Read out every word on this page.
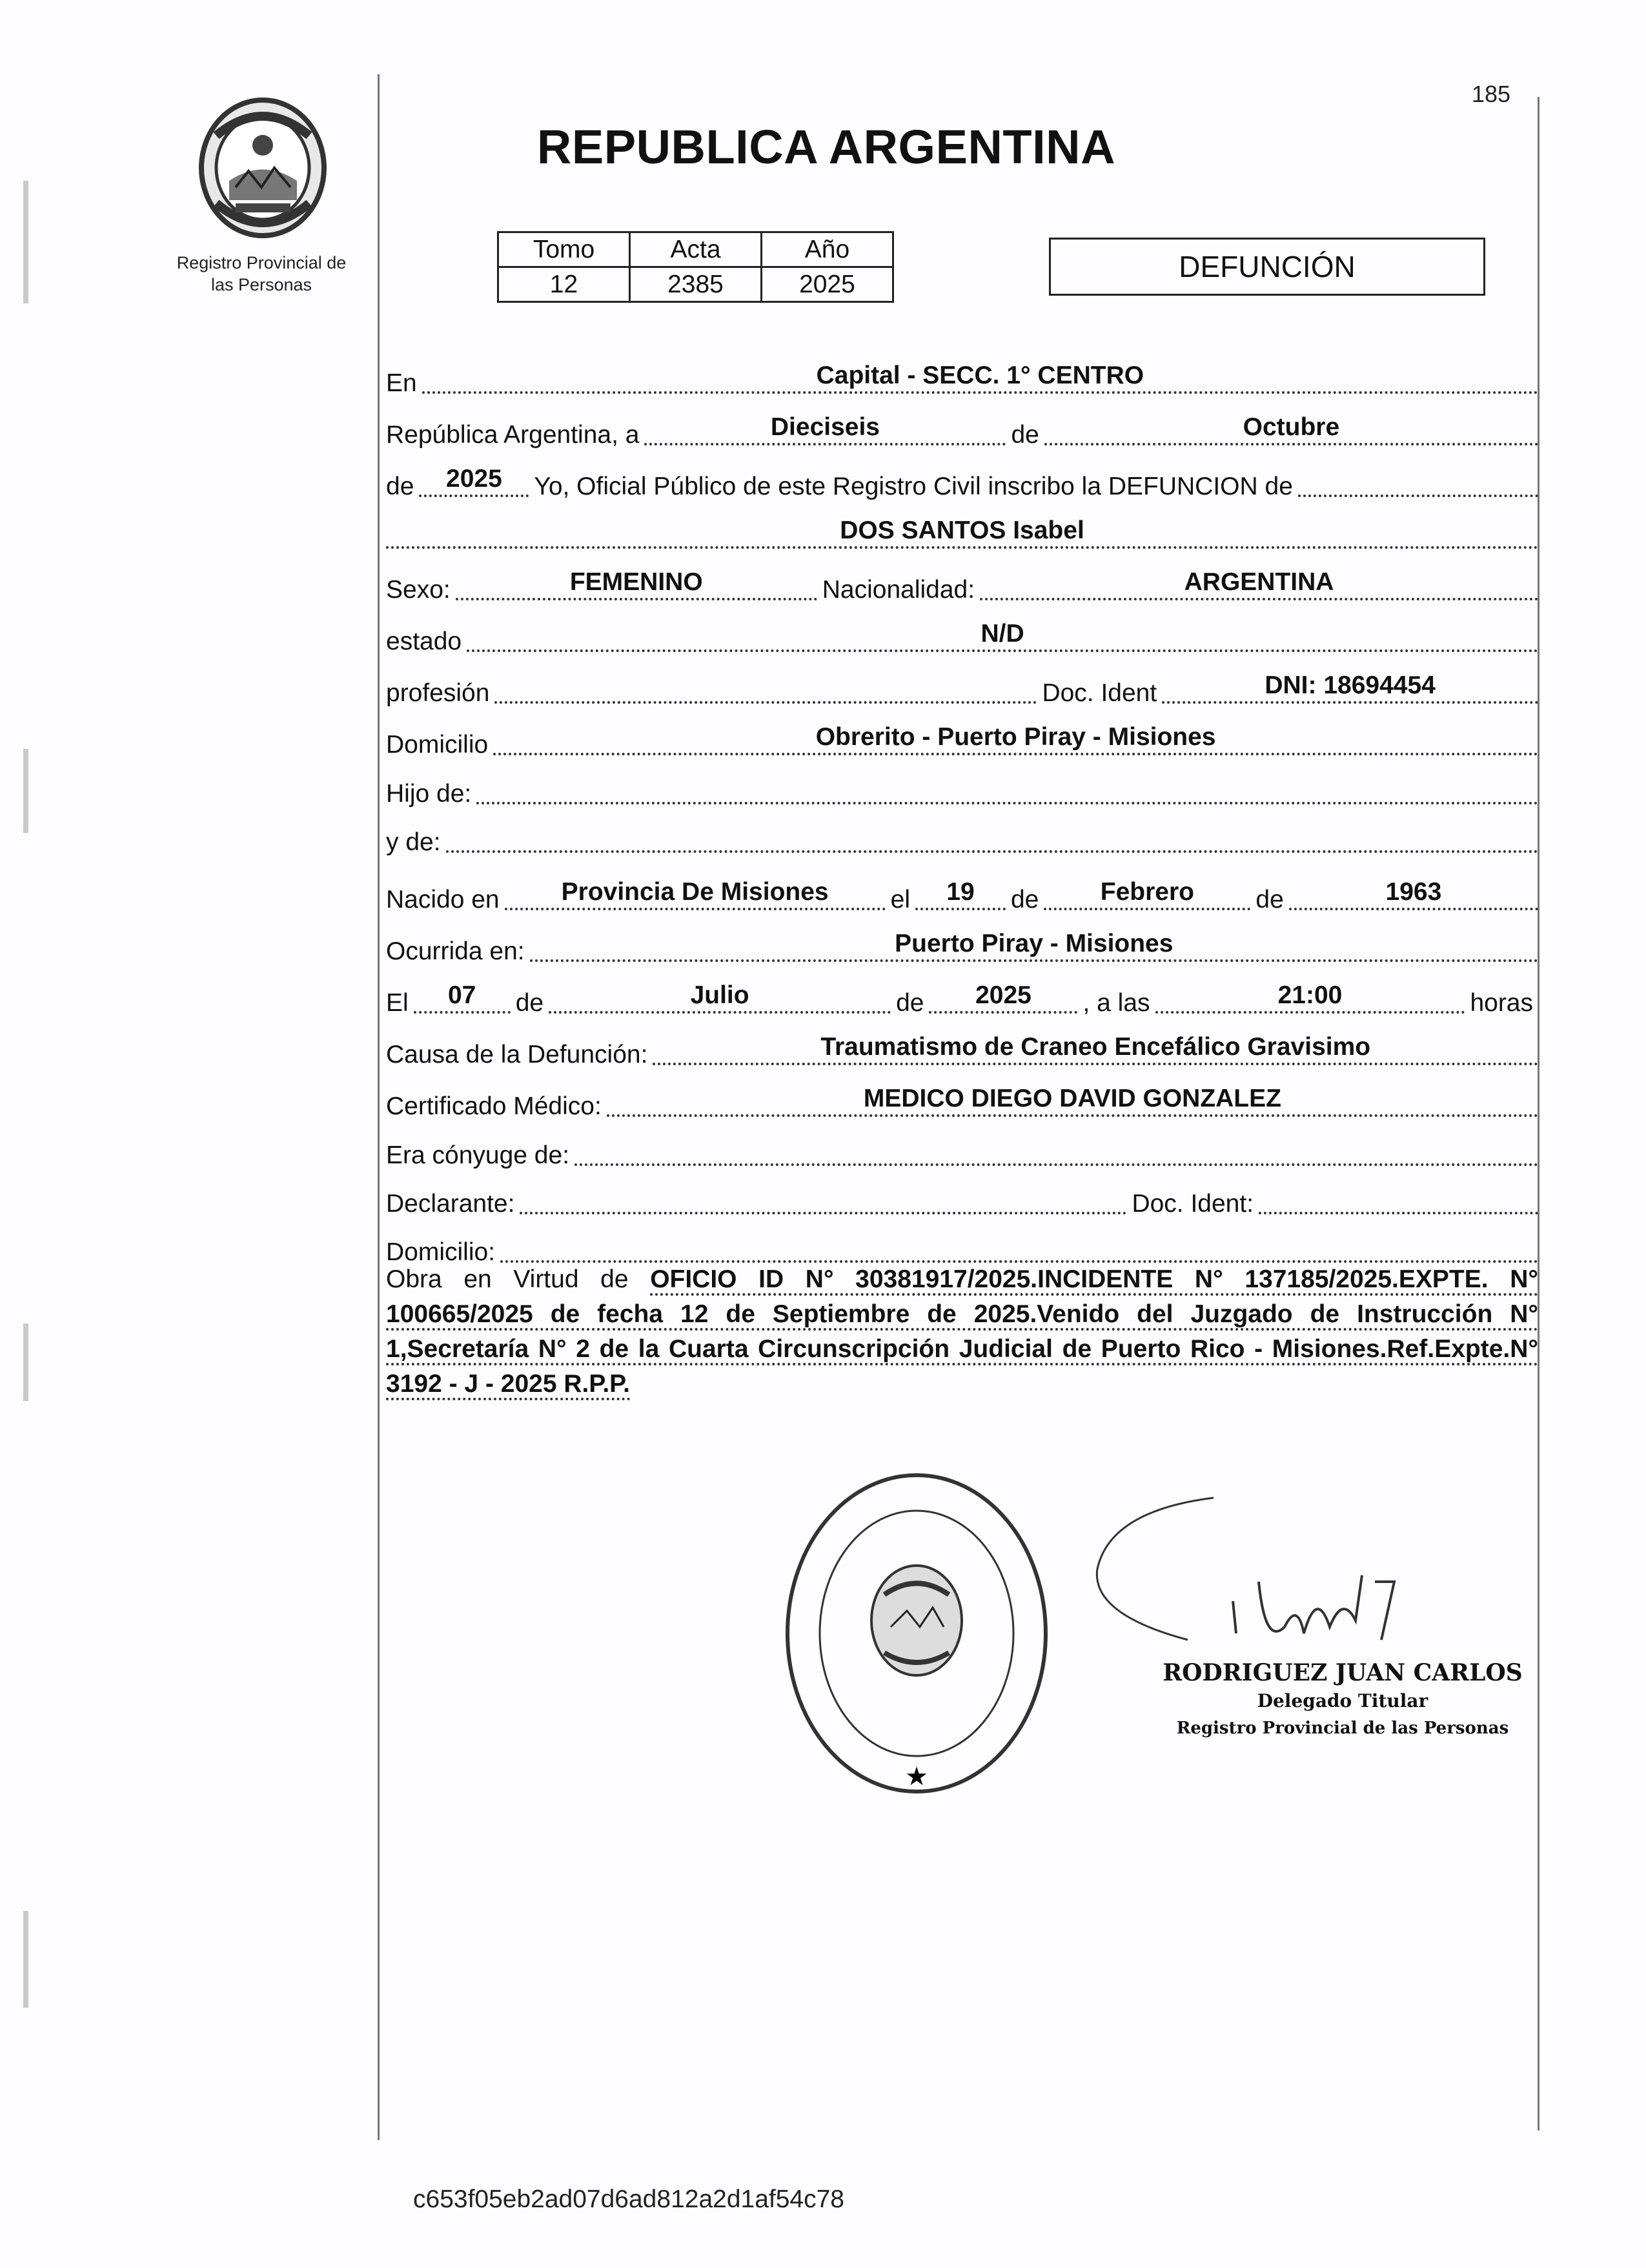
185
Registro Provincial de
las Personas
REPUBLICA ARGENTINA
Tomo	Acta	Año
12	2385	2025
DEFUNCIÓN
En	Capital - SECC. 1° CENTRO
República Argentina, a	Dieciseis	de	Octubre
de	2025	Yo, Oficial Público de este Registro Civil inscribo la DEFUNCION de
DOS SANTOS Isabel
Sexo:	FEMENINO	Nacionalidad:	ARGENTINA
estado	N/D
profesión	Doc. Ident	DNI: 18694454
Domicilio	Obrerito - Puerto Piray - Misiones
Hijo de:
y de:
Nacido en	Provincia De Misiones	el	19	de	Febrero	de	1963
Ocurrida en:	Puerto Piray - Misiones
El	07	de	Julio	de	2025	, a las	21:00	horas
Causa de la Defunción:	Traumatismo de Craneo Encefálico Gravisimo
Certificado Médico:	MEDICO DIEGO DAVID GONZALEZ
Era cónyuge de:
Declarante:	Doc. Ident:
Domicilio:
Obra en Virtud de OFICIO ID N° 30381917/2025.INCIDENTE N° 137185/2025.EXPTE. N° 100665/2025 de fecha 12 de Septiembre de 2025.Venido del Juzgado de Instrucción N° 1,Secretaría N° 2 de la Cuarta Circunscripción Judicial de Puerto Rico - Misiones.Ref.Expte.N° 3192 - J - 2025 R.P.P.
★
RODRIGUEZ JUAN CARLOS
Delegado Titular
Registro Provincial de las Personas
c653f05eb2ad07d6ad812a2d1af54c78
